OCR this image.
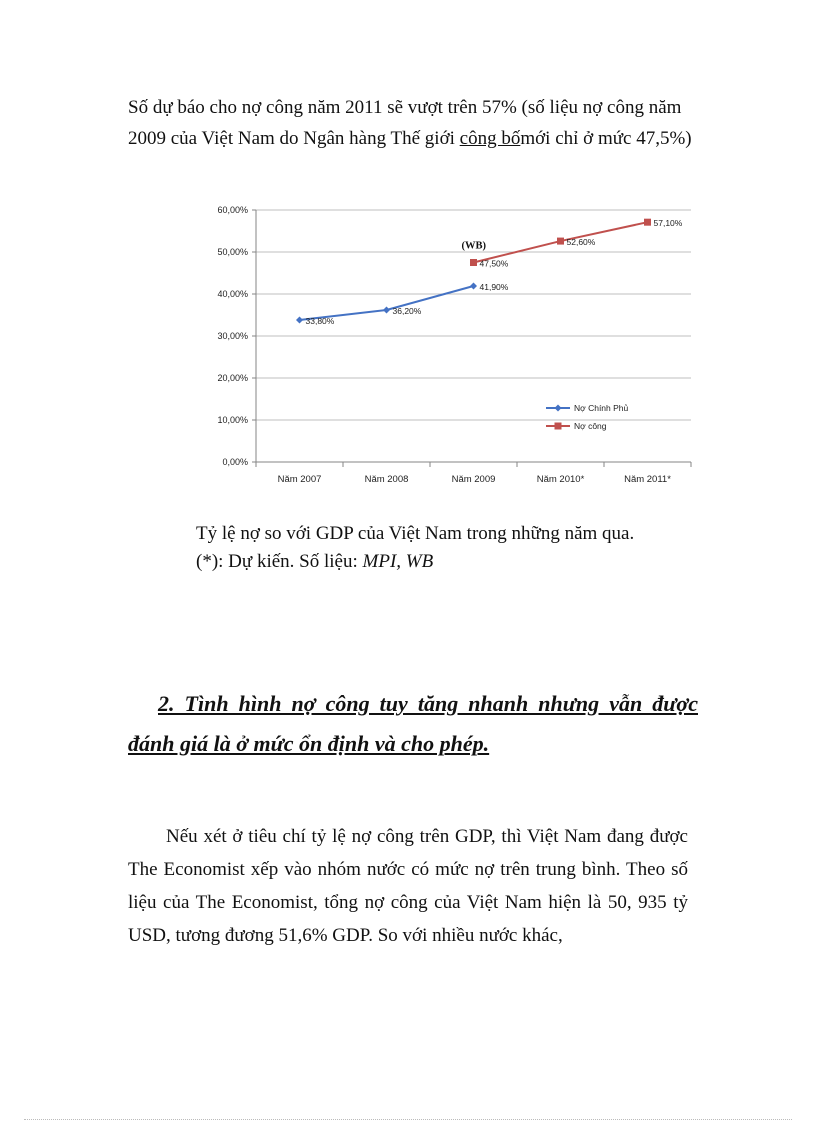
Số dự báo cho nợ công năm 2011 sẽ vượt trên 57% (số liệu nợ công năm 2009 của Việt Nam do Ngân hàng Thế giới công bốmới chỉ ở mức 47,5%)

0,00%
10,00%
20,00%
30,00%
40,00%
50,00%
60,00%
Năm 2007	Năm 2008	Năm 2009	Năm 2010*	Năm 2011*
33,80%
36,20%
41,90%
47,50%
52,60%
57,10%
(WB)
Nợ Chính Phủ
Nợ công

Tỷ lệ nợ so với GDP của Việt Nam trong những năm qua.
(*): Dự kiến. Số liệu: MPI, WB

2. Tình hình nợ công tuy tăng nhanh nhưng vẫn được đánh giá là ở mức ổn định và cho phép.

Nếu xét ở tiêu chí tỷ lệ nợ công trên GDP, thì Việt Nam đang được The Economist xếp vào nhóm nước có mức nợ trên trung bình. Theo số liệu của The Economist, tổng nợ công của Việt Nam hiện là 50, 935 tỷ USD, tương đương 51,6% GDP. So với nhiều nước khác,
